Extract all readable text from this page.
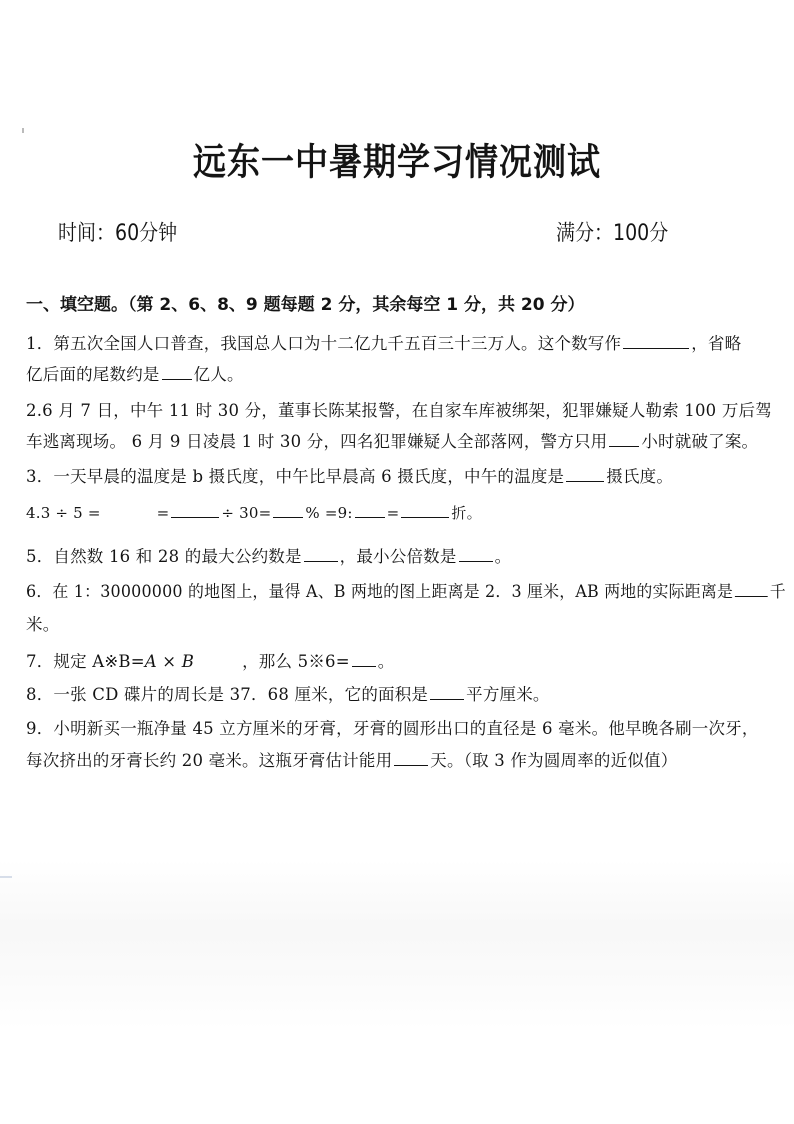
远东一中暑期学习情况测试
时间：60分钟	满分：100分
一、填空题。（第 2、6、8、9 题每题 2 分，其余每空 1 分，共 20 分）
1．第五次全国人口普查，我国总人口为十二亿九千五百三十三万人。这个数写作	，省略
亿后面的尾数约是 亿人。
2.6 月 7 日，中午 11 时 30 分，董事长陈某报警，在自家车库被绑架，犯罪嫌疑人勒索 100 万后驾
车逃离现场。 6 月 9 日凌晨 1 时 30 分，四名犯罪嫌疑人全部落网，警方只用 小时就破了案。
3．一天早晨的温度是 b 摄氏度，中午比早晨高 6 摄氏度，中午的温度是	摄氏度。
4.3 ÷ 5 =	=	÷ 30= % =9: =	折。
5．自然数 16 和 28 的最大公约数是 ，最小公倍数是 。
6．在 1：30000000 的地图上，量得 A、B 两地的图上距离是 2．3 厘米，AB 两地的实际距离是 千
米。
7．规定 A※B=A × B	，那么 5※6= 。
8．一张 CD 碟片的周长是 37．68 厘米，它的面积是 平方厘米。
9．小明新买一瓶净量 45 立方厘米的牙膏，牙膏的圆形出口的直径是 6 毫米。他早晚各刷一次牙，
每次挤出的牙膏长约 20 毫米。这瓶牙膏估计能用 天。（取 3 作为圆周率的近似值）
